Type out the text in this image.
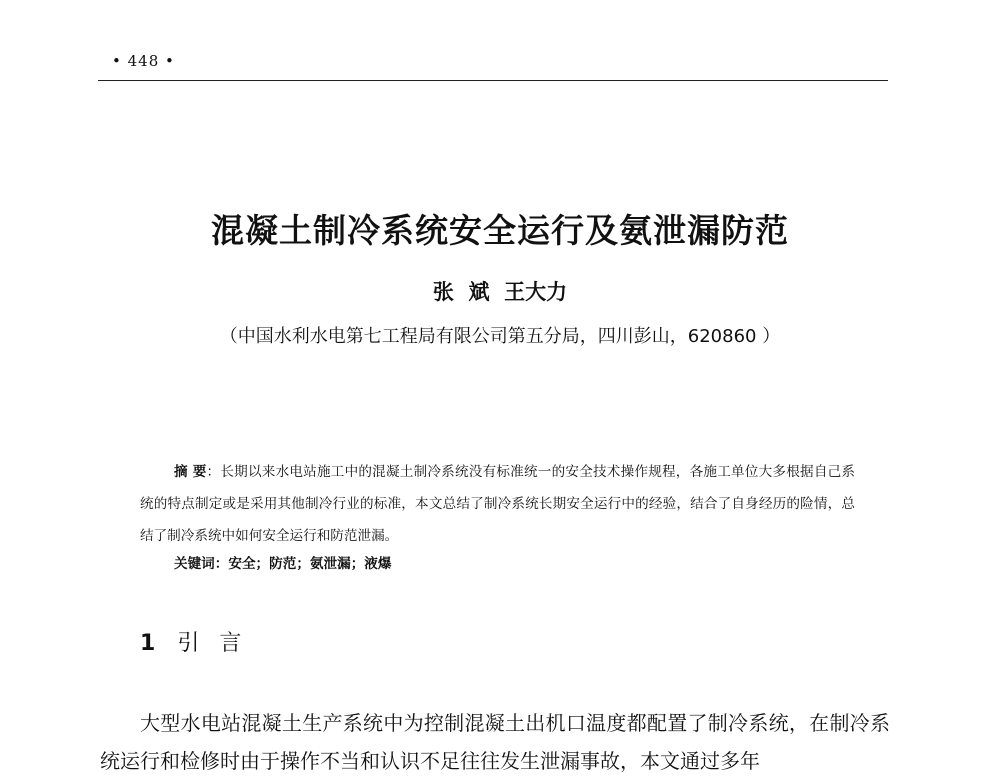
• 448 •
混凝土制冷系统安全运行及氨泄漏防范
张  斌  王大力
（中国水利水电第七工程局有限公司第五分局，四川彭山，620860 ）
摘 要：长期以来水电站施工中的混凝土制冷系统没有标准统一的安全技术操作规程，各施工单位大多根据自己系统的特点制定或是采用其他制冷行业的标准，本文总结了制冷系统长期安全运行中的经验，结合了自身经历的险情，总结了制冷系统中如何安全运行和防范泄漏。
关键词：安全；防范；氨泄漏；液爆
1 引言
大型水电站混凝土生产系统中为控制混凝土出机口温度都配置了制冷系统，在制冷系统运行和检修时由于操作不当和认识不足往往发生泄漏事故，本文通过多年
